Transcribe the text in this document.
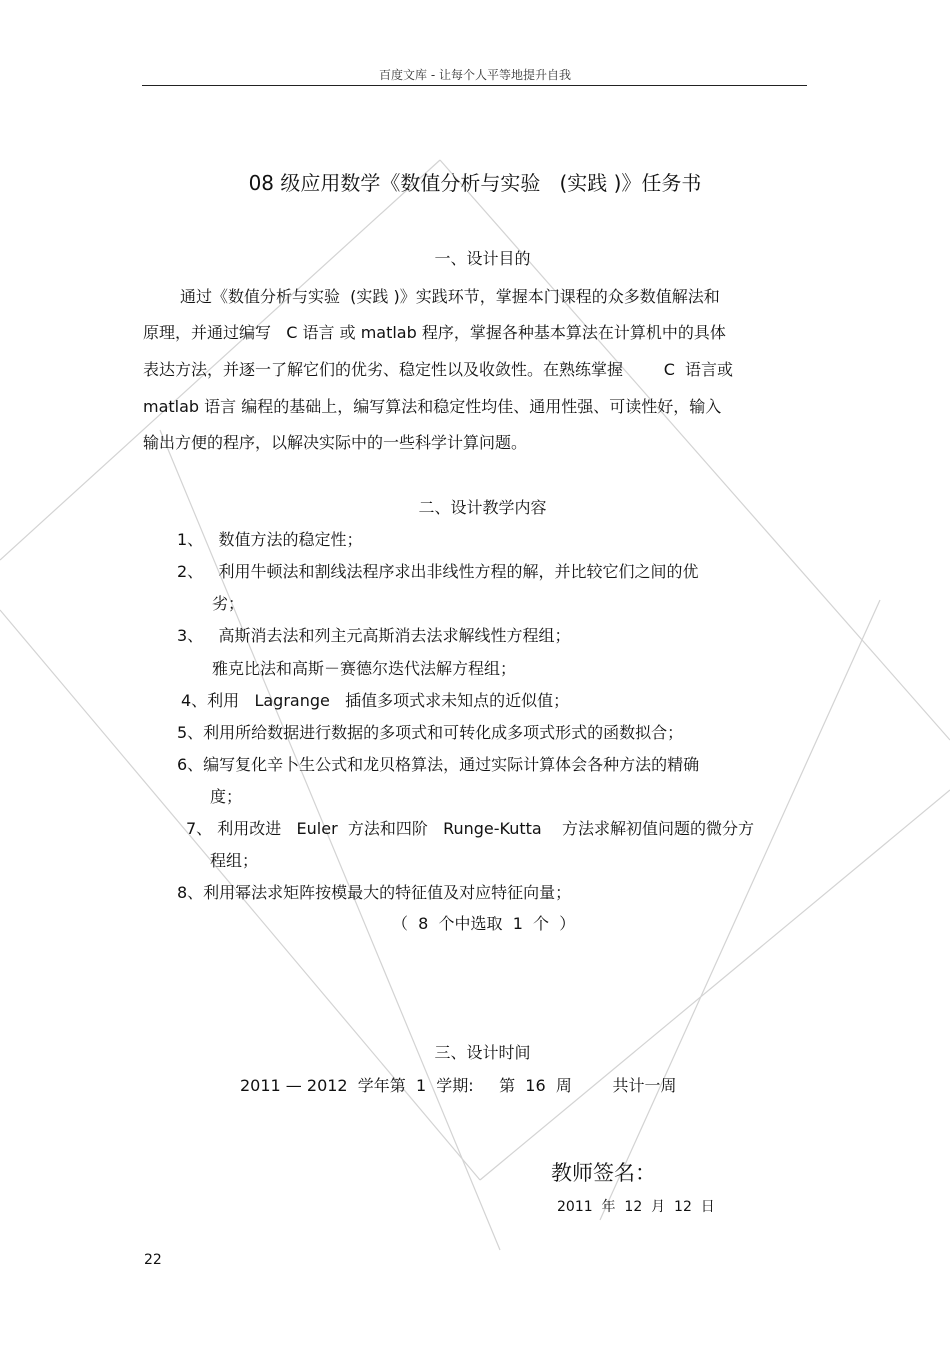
百度文库 - 让每个人平等地提升自我
08 级应用数学《数值分析与实验   (实践 )》任务书
一、设计目的
通过《数值分析与实验  (实践 )》实践环节，掌握本门课程的众多数值解法和
原理，并通过编写   C 语言 或 matlab 程序，掌握各种基本算法在计算机中的具体
表达方法，并逐一了解它们的优劣、稳定性以及收敛性。在熟练掌握        C  语言或
matlab 语言 编程的基础上，编写算法和稳定性均佳、通用性强、可读性好，输入
输出方便的程序，以解决实际中的一些科学计算问题。
二、设计教学内容
1、   数值方法的稳定性；
2、   利用牛顿法和割线法程序求出非线性方程的解，并比较它们之间的优
劣；
3、   高斯消去法和列主元高斯消去法求解线性方程组；
雅克比法和高斯－赛德尔迭代法解方程组；
4、利用   Lagrange   插值多项式求未知点的近似值；
5、利用所给数据进行数据的多项式和可转化成多项式形式的函数拟合；
6、编写复化辛卜生公式和龙贝格算法，通过实际计算体会各种方法的精确
度；
7、 利用改进   Euler  方法和四阶   Runge-Kutta    方法求解初值问题的微分方
程组；
8、利用幂法求矩阵按模最大的特征值及对应特征向量；
（  8  个中选取  1  个  ）
三、设计时间
2011 — 2012  学年第  1  学期:     第  16  周        共计一周
教师签名：
2011  年  12  月  12  日
22
